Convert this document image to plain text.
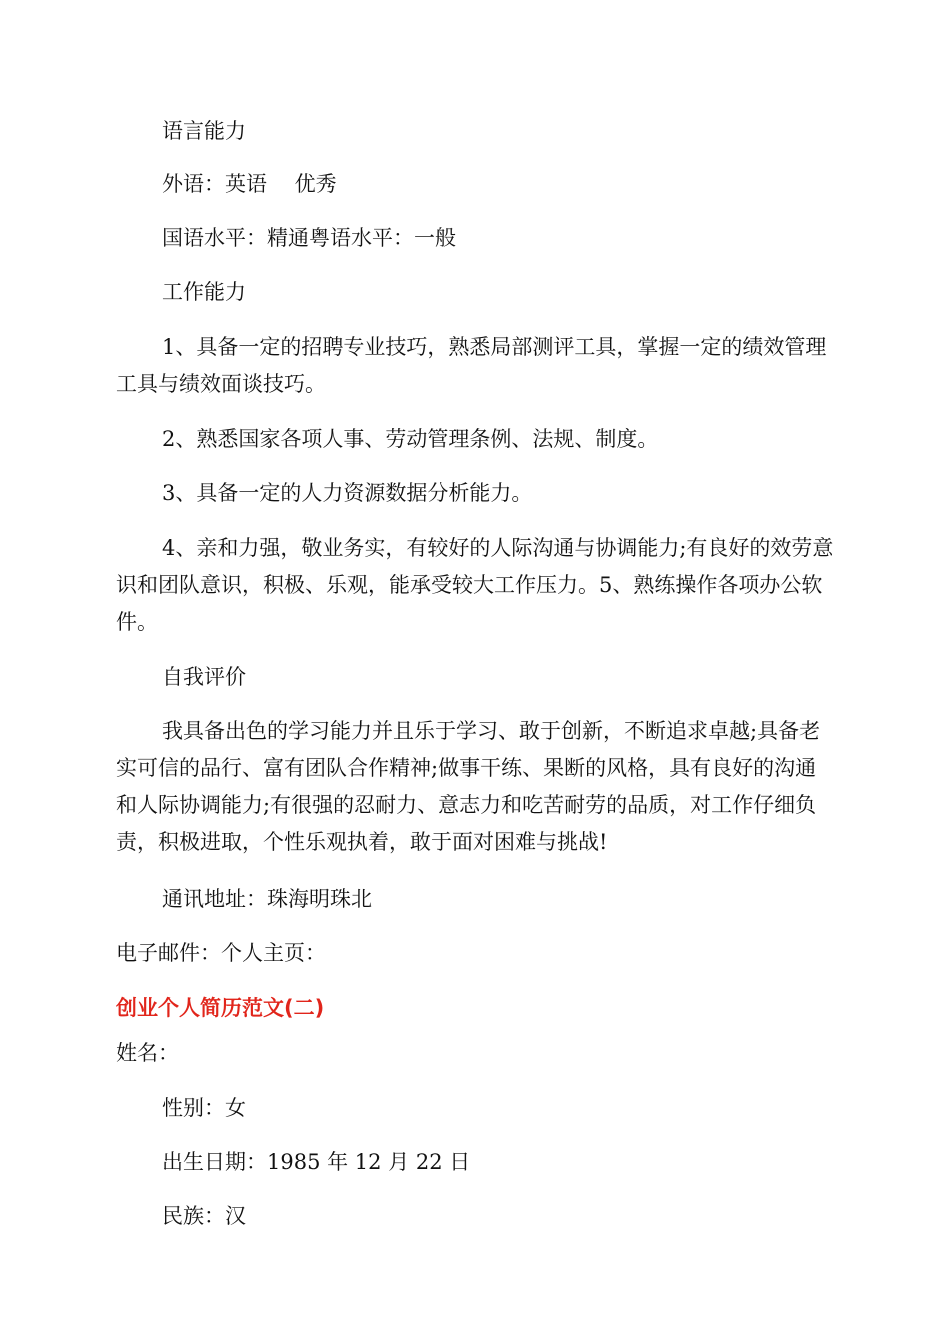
语言能力

外语：英语　 优秀

国语水平：精通粤语水平：一般

工作能力

1、具备一定的招聘专业技巧，熟悉局部测评工具，掌握一定的绩效管理工具与绩效面谈技巧。

2、熟悉国家各项人事、劳动管理条例、法规、制度。

3、具备一定的人力资源数据分析能力。

4、亲和力强，敬业务实，有较好的人际沟通与协调能力;有良好的效劳意识和团队意识，积极、乐观，能承受较大工作压力。5、熟练操作各项办公软件。

自我评价

我具备出色的学习能力并且乐于学习、敢于创新，不断追求卓越;具备老实可信的品行、富有团队合作精神;做事干练、果断的风格，具有良好的沟通和人际协调能力;有很强的忍耐力、意志力和吃苦耐劳的品质，对工作仔细负责，积极进取，个性乐观执着，敢于面对困难与挑战!

通讯地址：珠海明珠北

电子邮件：个人主页：

创业个人简历范文(二)

姓名：

性别：女

出生日期：1985 年 12 月 22 日

民族：汉
